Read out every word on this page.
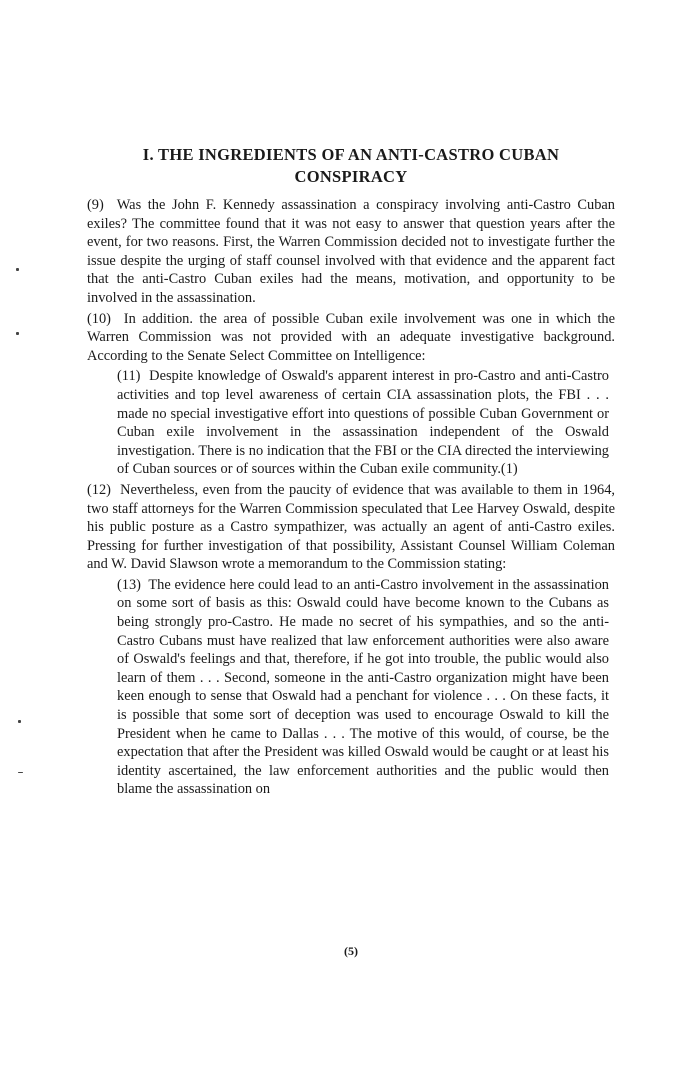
I. THE INGREDIENTS OF AN ANTI-CASTRO CUBAN CONSPIRACY

(9) Was the John F. Kennedy assassination a conspiracy involving anti-Castro Cuban exiles? The committee found that it was not easy to answer that question years after the event, for two reasons. First, the Warren Commission decided not to investigate further the issue despite the urging of staff counsel involved with that evidence and the apparent fact that the anti-Castro Cuban exiles had the means, motivation, and opportunity to be involved in the assassination.

(10) In addition. the area of possible Cuban exile involvement was one in which the Warren Commission was not provided with an adequate investigative background. According to the Senate Select Committee on Intelligence:

(11) Despite knowledge of Oswald's apparent interest in pro-Castro and anti-Castro activities and top level awareness of certain CIA assassination plots, the FBI . . . made no special investigative effort into questions of possible Cuban Government or Cuban exile involvement in the assassination independent of the Oswald investigation. There is no indication that the FBI or the CIA directed the interviewing of Cuban sources or of sources within the Cuban exile community.(1)

(12) Nevertheless, even from the paucity of evidence that was available to them in 1964, two staff attorneys for the Warren Commission speculated that Lee Harvey Oswald, despite his public posture as a Castro sympathizer, was actually an agent of anti-Castro exiles. Pressing for further investigation of that possibility, Assistant Counsel William Coleman and W. David Slawson wrote a memorandum to the Commission stating:

(13) The evidence here could lead to an anti-Castro involvement in the assassination on some sort of basis as this: Oswald could have become known to the Cubans as being strongly pro-Castro. He made no secret of his sympathies, and so the anti-Castro Cubans must have realized that law enforcement authorities were also aware of Oswald's feelings and that, therefore, if he got into trouble, the public would also learn of them . . . Second, someone in the anti-Castro organization might have been keen enough to sense that Oswald had a penchant for violence . . . On these facts, it is possible that some sort of deception was used to encourage Oswald to kill the President when he came to Dallas . . . The motive of this would, of course, be the expectation that after the President was killed Oswald would be caught or at least his identity ascertained, the law enforcement authorities and the public would then blame the assassination on

(5)
